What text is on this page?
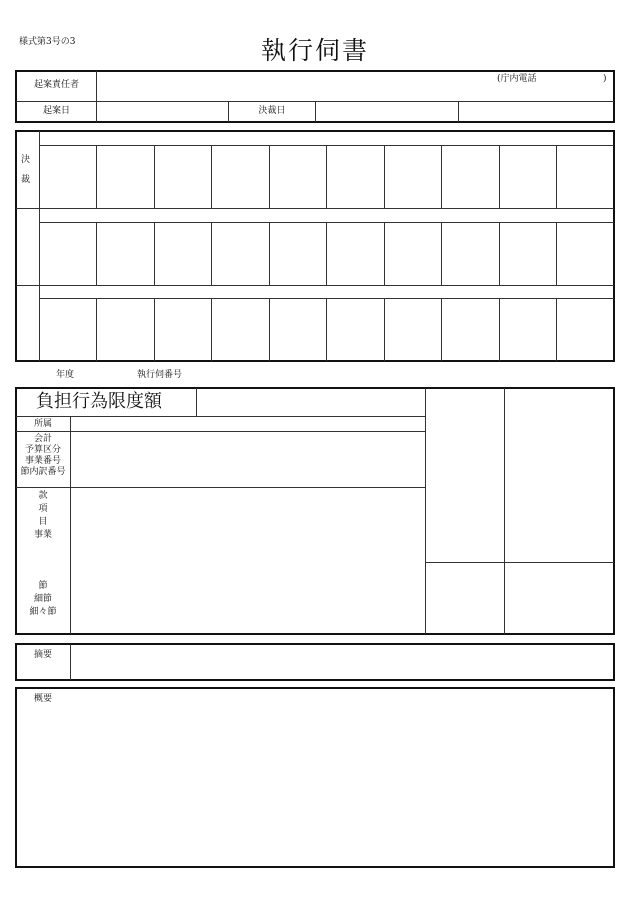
様式第3号の3	執行伺書
起案責任者
(庁内電話	)
起案日	決裁日
決
裁
年度	執行伺番号
負担行為限度額
所属
会計
予算区分
事業番号
節内訳番号
款
項
目
事業
節
細節
細々節
摘要
概要
